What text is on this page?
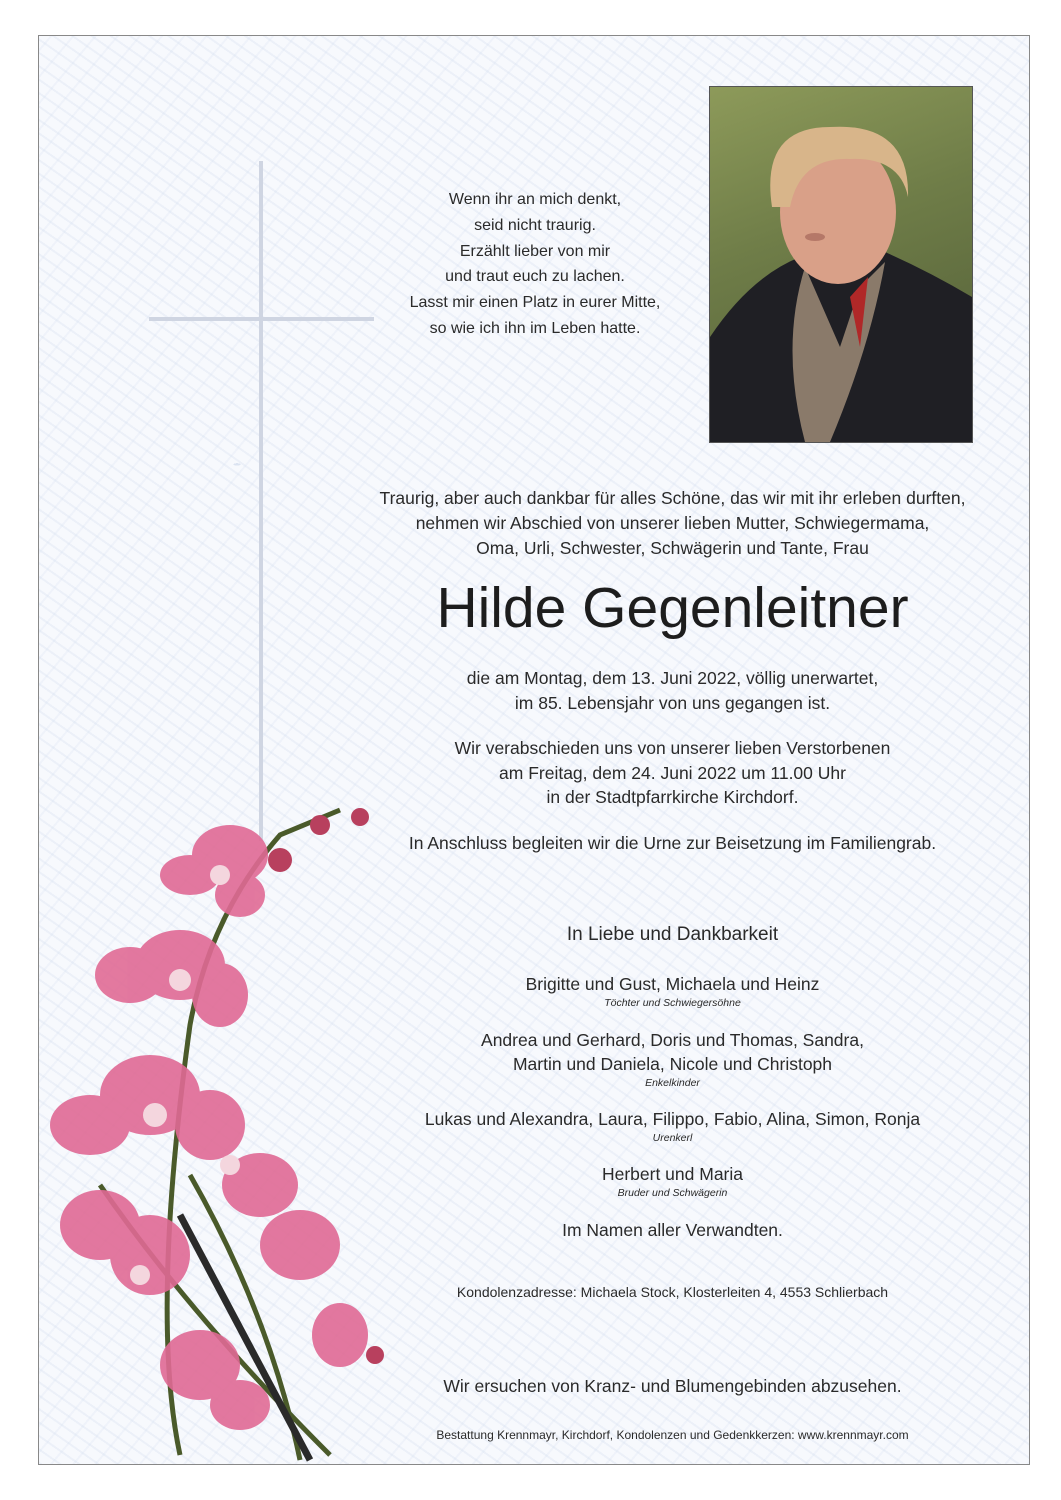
Wenn ihr an mich denkt,
seid nicht traurig.
Erzählt lieber von mir
und traut euch zu lachen.
Lasst mir einen Platz in eurer Mitte,
so wie ich ihn im Leben hatte.
Traurig, aber auch dankbar für alles Schöne, das wir mit ihr erleben durften,
nehmen wir Abschied von unserer lieben Mutter, Schwiegermama,
Oma, Urli, Schwester, Schwägerin und Tante, Frau
Hilde Gegenleitner
die am Montag, dem 13. Juni 2022, völlig unerwartet,
im 85. Lebensjahr von uns gegangen ist.
Wir verabschieden uns von unserer lieben Verstorbenen
am Freitag, dem 24. Juni 2022 um 11.00 Uhr
in der Stadtpfarrkirche Kirchdorf.
In Anschluss begleiten wir die Urne zur Beisetzung im Familiengrab.
In Liebe und Dankbarkeit
Brigitte und Gust, Michaela und Heinz
Töchter und Schwiegersöhne
Andrea und Gerhard, Doris und Thomas, Sandra,
Martin und Daniela, Nicole und Christoph
Enkelkinder
Lukas und Alexandra, Laura, Filippo, Fabio, Alina, Simon, Ronja
Urenkerl
Herbert und Maria
Bruder und Schwägerin
Im Namen aller Verwandten.
Kondolenzadresse: Michaela Stock, Klosterleiten 4, 4553 Schlierbach
Wir ersuchen von Kranz- und Blumengebinden abzusehen.
Bestattung Krennmayr, Kirchdorf, Kondolenzen und Gedenkkerzen: www.krennmayr.com
